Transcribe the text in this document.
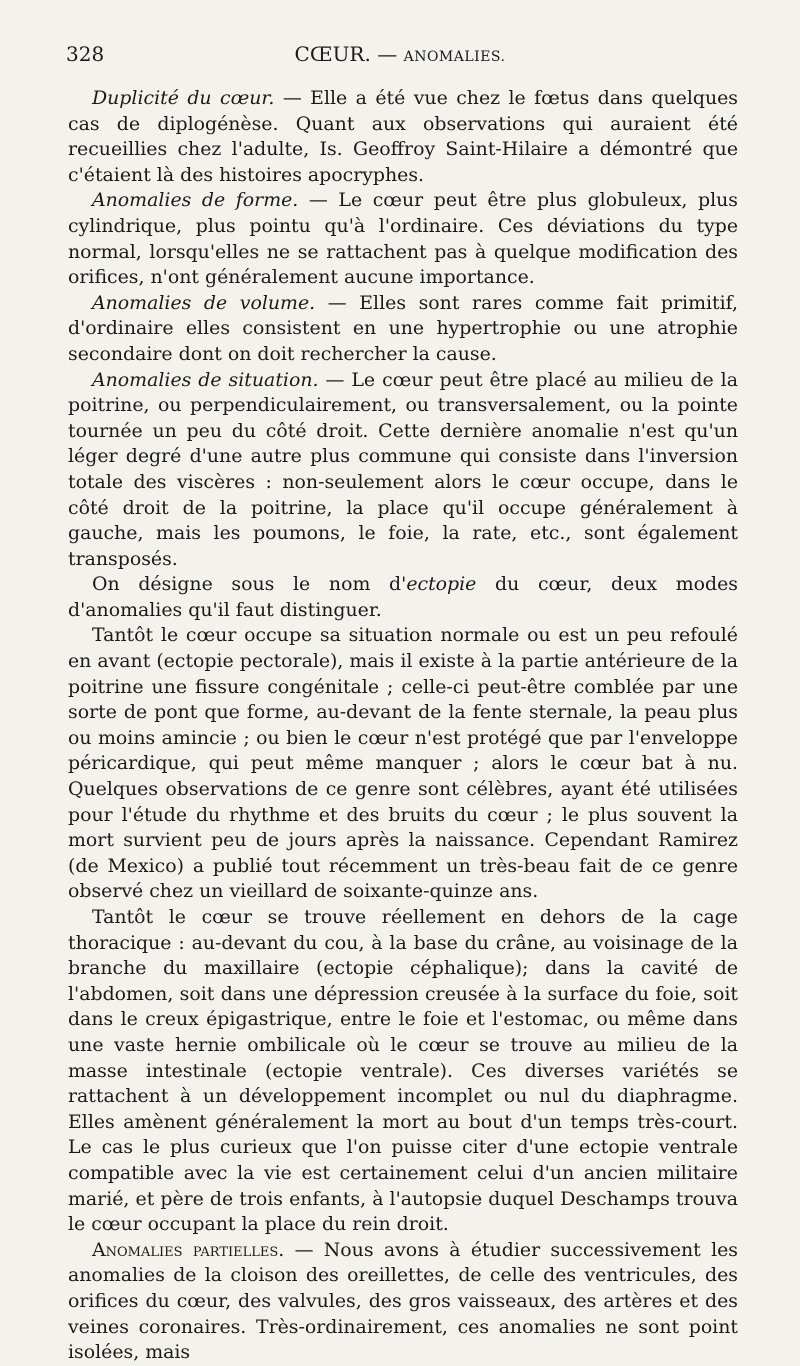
328	CŒUR. — ANOMALIES.

Duplicité du cœur. — Elle a été vue chez le fœtus dans quelques cas de diplogénèse. Quant aux observations qui auraient été recueillies chez l'adulte, Is. Geoffroy Saint-Hilaire a démontré que c'étaient là des histoires apocryphes.

Anomalies de forme. — Le cœur peut être plus globuleux, plus cylindrique, plus pointu qu'à l'ordinaire. Ces déviations du type normal, lorsqu'elles ne se rattachent pas à quelque modification des orifices, n'ont généralement aucune importance.

Anomalies de volume. — Elles sont rares comme fait primitif, d'ordinaire elles consistent en une hypertrophie ou une atrophie secondaire dont on doit rechercher la cause.

Anomalies de situation. — Le cœur peut être placé au milieu de la poitrine, ou perpendiculairement, ou transversalement, ou la pointe tournée un peu du côté droit. Cette dernière anomalie n'est qu'un léger degré d'une autre plus commune qui consiste dans l'inversion totale des viscères : non-seulement alors le cœur occupe, dans le côté droit de la poitrine, la place qu'il occupe généralement à gauche, mais les poumons, le foie, la rate, etc., sont également transposés.

On désigne sous le nom d'ectopie du cœur, deux modes d'anomalies qu'il faut distinguer.

Tantôt le cœur occupe sa situation normale ou est un peu refoulé en avant (ectopie pectorale), mais il existe à la partie antérieure de la poitrine une fissure congénitale ; celle-ci peut-être comblée par une sorte de pont que forme, au-devant de la fente sternale, la peau plus ou moins amincie ; ou bien le cœur n'est protégé que par l'enveloppe péricardique, qui peut même manquer ; alors le cœur bat à nu. Quelques observations de ce genre sont célèbres, ayant été utilisées pour l'étude du rhythme et des bruits du cœur ; le plus souvent la mort survient peu de jours après la naissance. Cependant Ramirez (de Mexico) a publié tout récemment un très-beau fait de ce genre observé chez un vieillard de soixante-quinze ans.

Tantôt le cœur se trouve réellement en dehors de la cage thoracique : au-devant du cou, à la base du crâne, au voisinage de la branche du maxillaire (ectopie céphalique); dans la cavité de l'abdomen, soit dans une dépression creusée à la surface du foie, soit dans le creux épigastrique, entre le foie et l'estomac, ou même dans une vaste hernie ombilicale où le cœur se trouve au milieu de la masse intestinale (ectopie ventrale). Ces diverses variétés se rattachent à un développement incomplet ou nul du diaphragme. Elles amènent généralement la mort au bout d'un temps très-court. Le cas le plus curieux que l'on puisse citer d'une ectopie ventrale compatible avec la vie est certainement celui d'un ancien militaire marié, et père de trois enfants, à l'autopsie duquel Deschamps trouva le cœur occupant la place du rein droit.

Anomalies partielles. — Nous avons à étudier successivement les anomalies de la cloison des oreillettes, de celle des ventricules, des orifices du cœur, des valvules, des gros vaisseaux, des artères et des veines coronaires. Très-ordinairement, ces anomalies ne sont point isolées, mais
